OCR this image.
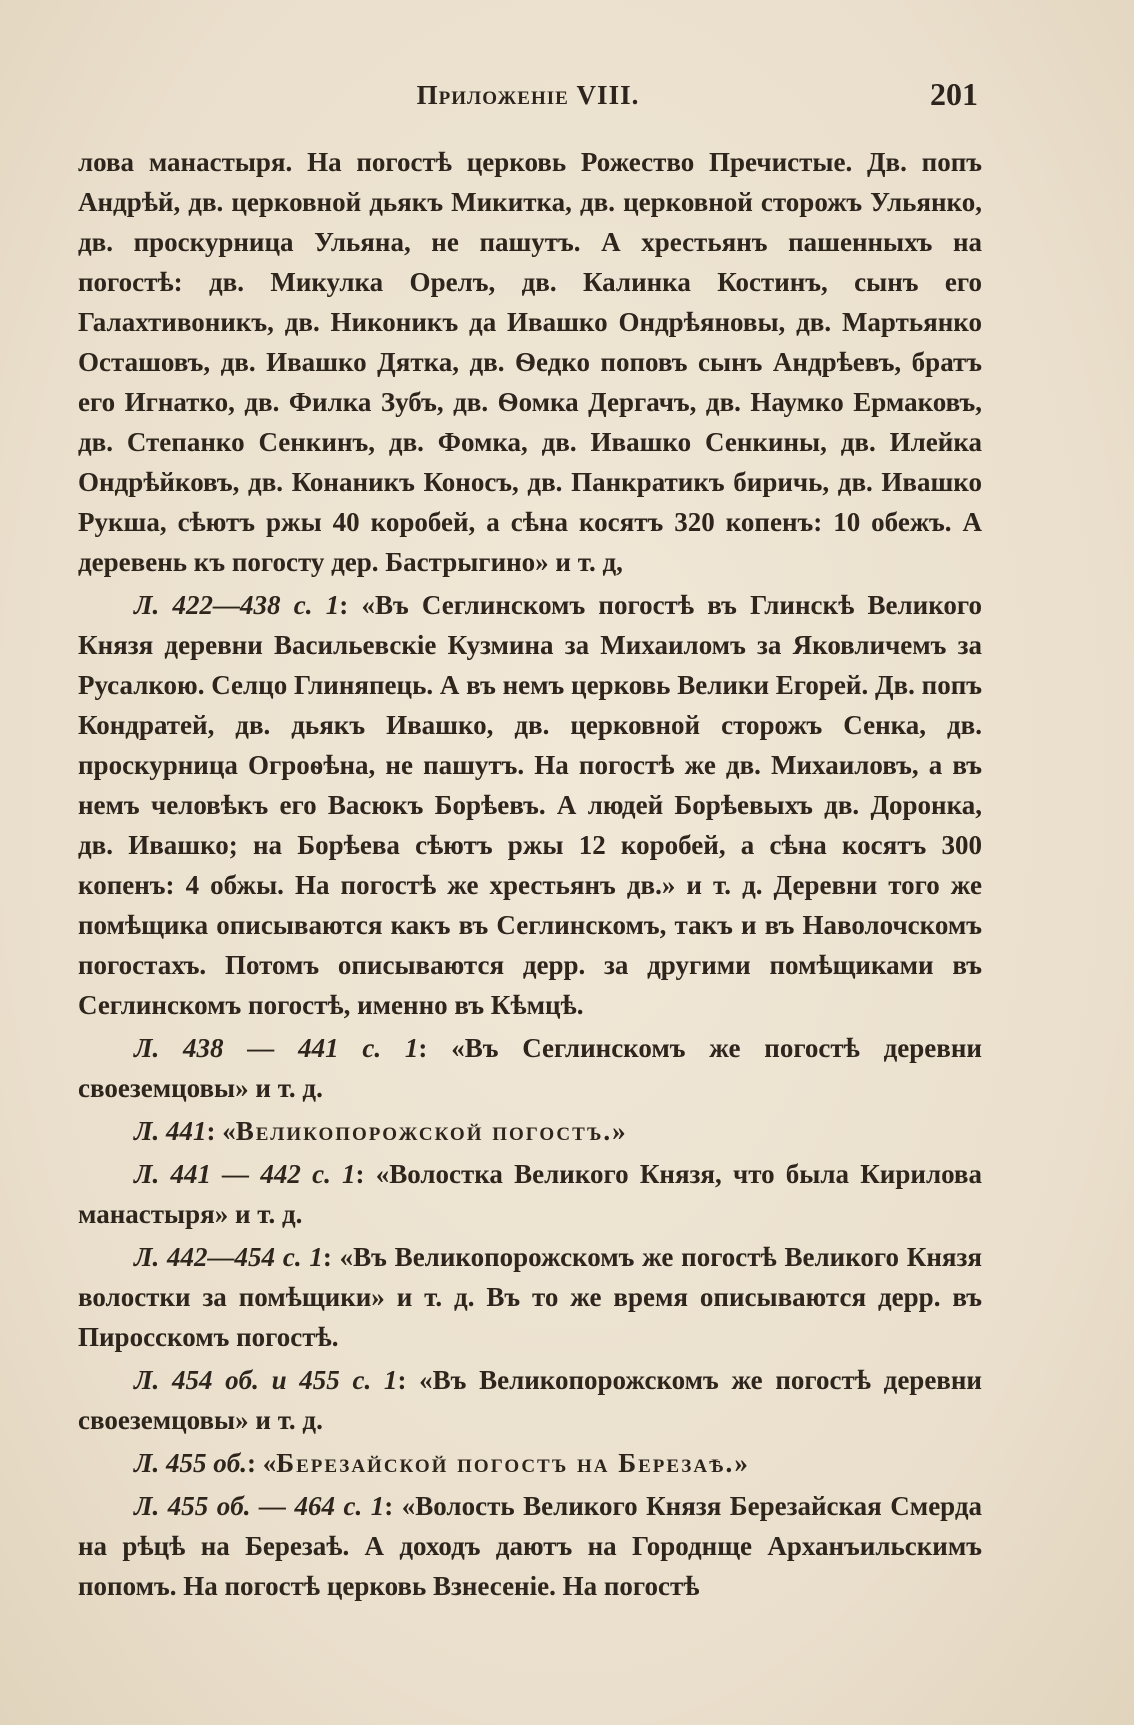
Приложеніе VIII.	201

лова манастыря. На погостѣ церковь Рожество Пречистые. Дв. попъ Андрѣй, дв. церковной дьякъ Микитка, дв. церковной сторожъ Ульянко, дв. проскурница Ульяна, не пашутъ. А хрестьянъ пашенныхъ на погостѣ: дв. Микулка Орелъ, дв. Калинка Костинъ, сынъ его Галахтивоникъ, дв. Никоникъ да Ивашко Ондрѣяновы, дв. Мартьянко Осташовъ, дв. Ивашко Дятка, дв. Ѳедко поповъ сынъ Андрѣевъ, братъ его Игнатко, дв. Филка Зубъ, дв. Ѳомка Дергачъ, дв. Наумко Ермаковъ, дв. Степанко Сенкинъ, дв. Фомка, дв. Ивашко Сенкины, дв. Илейка Ондрѣйковъ, дв. Конаникъ Коносъ, дв. Панкратикъ биричь, дв. Ивашко Рукша, сѣютъ ржы 40 коробей, а сѣна косятъ 320 копенъ: 10 обежъ. А деревень къ погосту дер. Бастрыгино» и т. д,

Л. 422—438 с. 1: «Въ Сеглинскомъ погостѣ въ Глинскѣ Великого Князя деревни Васильевскіе Кузмина за Михаиломъ за Яковличемъ за Русалкою. Селцо Глиняпець. А въ немъ церковь Велики Егорей. Дв. попъ Кондратей, дв. дьякъ Ивашко, дв. церковной сторожъ Сенка, дв. проскурница Огроѳѣна, не пашутъ. На погостѣ же дв. Михаиловъ, а въ немъ человѣкъ его Васюкъ Борѣевъ. А людей Борѣевыхъ дв. Доронка, дв. Ивашко; на Борѣева сѣютъ ржы 12 коробей, а сѣна косятъ 300 копенъ: 4 обжы. На погостѣ же хрестьянъ дв.» и т. д. Деревни того же помѣщика описываются какъ въ Сеглинскомъ, такъ и въ Наволочскомъ погостахъ. Потомъ описываются дерр. за другими помѣщиками въ Сеглинскомъ погостѣ, именно въ Кѣмцѣ.

Л. 438 — 441 с. 1: «Въ Сеглинскомъ же погостѣ деревни своеземцовы» и т. д.

Л. 441: «Великопорожской погостъ.»

Л. 441 — 442 с. 1: «Волостка Великого Князя, что была Кирилова манастыря» и т. д.

Л. 442—454 с. 1: «Въ Великопорожскомъ же погостѣ Великого Князя волостки за помѣщики» и т. д. Въ то же время описываются дерр. въ Пиросскомъ погостѣ.

Л. 454 об. и 455 с. 1: «Въ Великопорожскомъ же погостѣ деревни своеземцовы» и т. д.

Л. 455 об.: «Березайской погостъ на Березаѣ.»

Л. 455 об. — 464 с. 1: «Волость Великого Князя Березайская Смерда на рѣцѣ на Березаѣ. А доходъ даютъ на Городнще Арханъильскимъ попомъ. На погостѣ церковь Взнесеніе. На погостѣ
